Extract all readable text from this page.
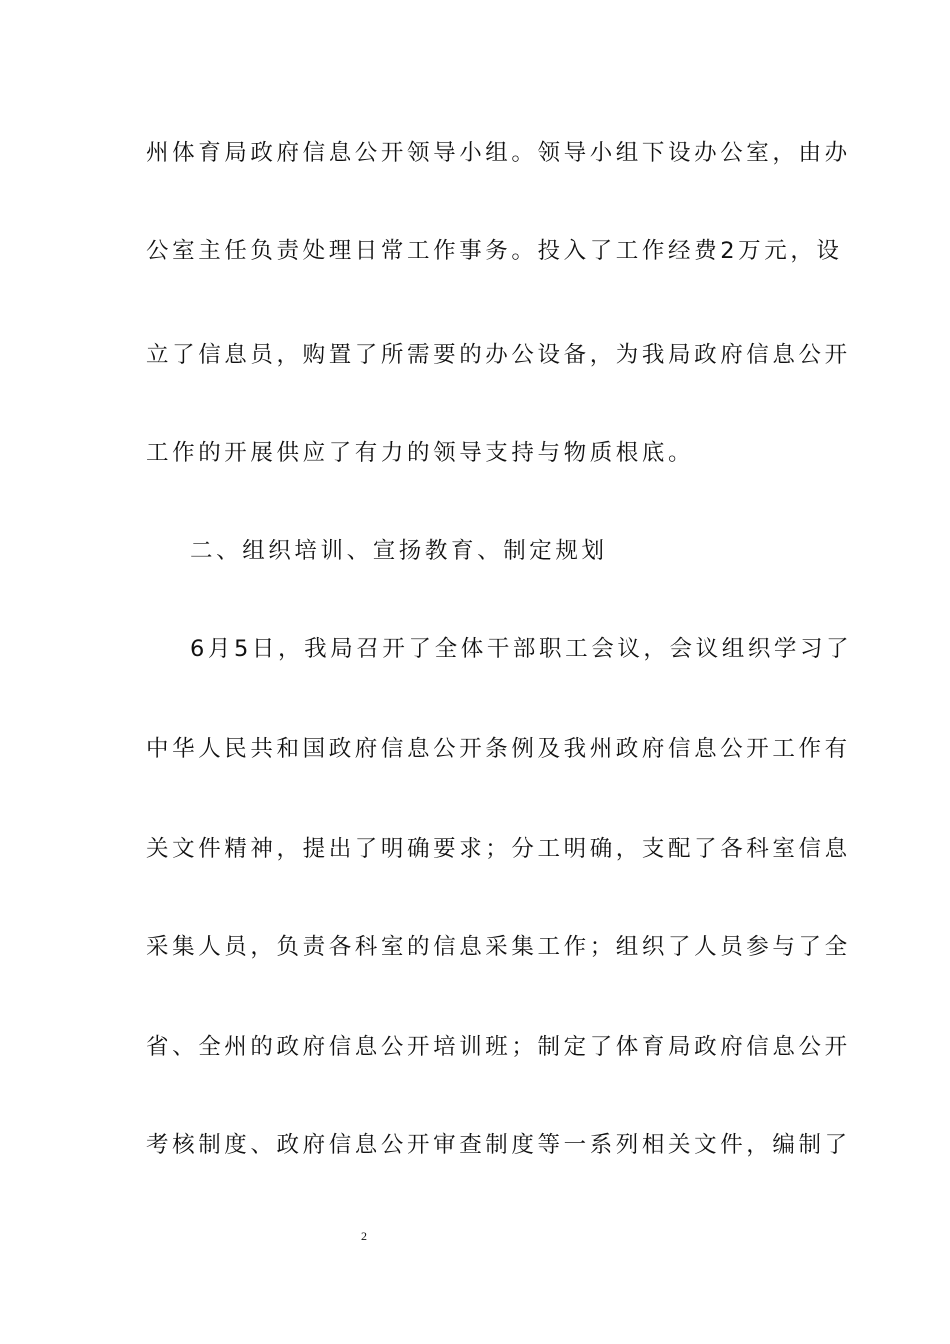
州体育局政府信息公开领导小组。领导小组下设办公室，由办
公室主任负责处理日常工作事务。投入了工作经费2万元，设
立了信息员，购置了所需要的办公设备，为我局政府信息公开
工作的开展供应了有力的领导支持与物质根底。
二、组织培训、宣扬教育、制定规划
6月5日，我局召开了全体干部职工会议，会议组织学习了
中华人民共和国政府信息公开条例及我州政府信息公开工作有
关文件精神，提出了明确要求；分工明确，支配了各科室信息
采集人员，负责各科室的信息采集工作；组织了人员参与了全
省、全州的政府信息公开培训班；制定了体育局政府信息公开
考核制度、政府信息公开审查制度等一系列相关文件，编制了
2
